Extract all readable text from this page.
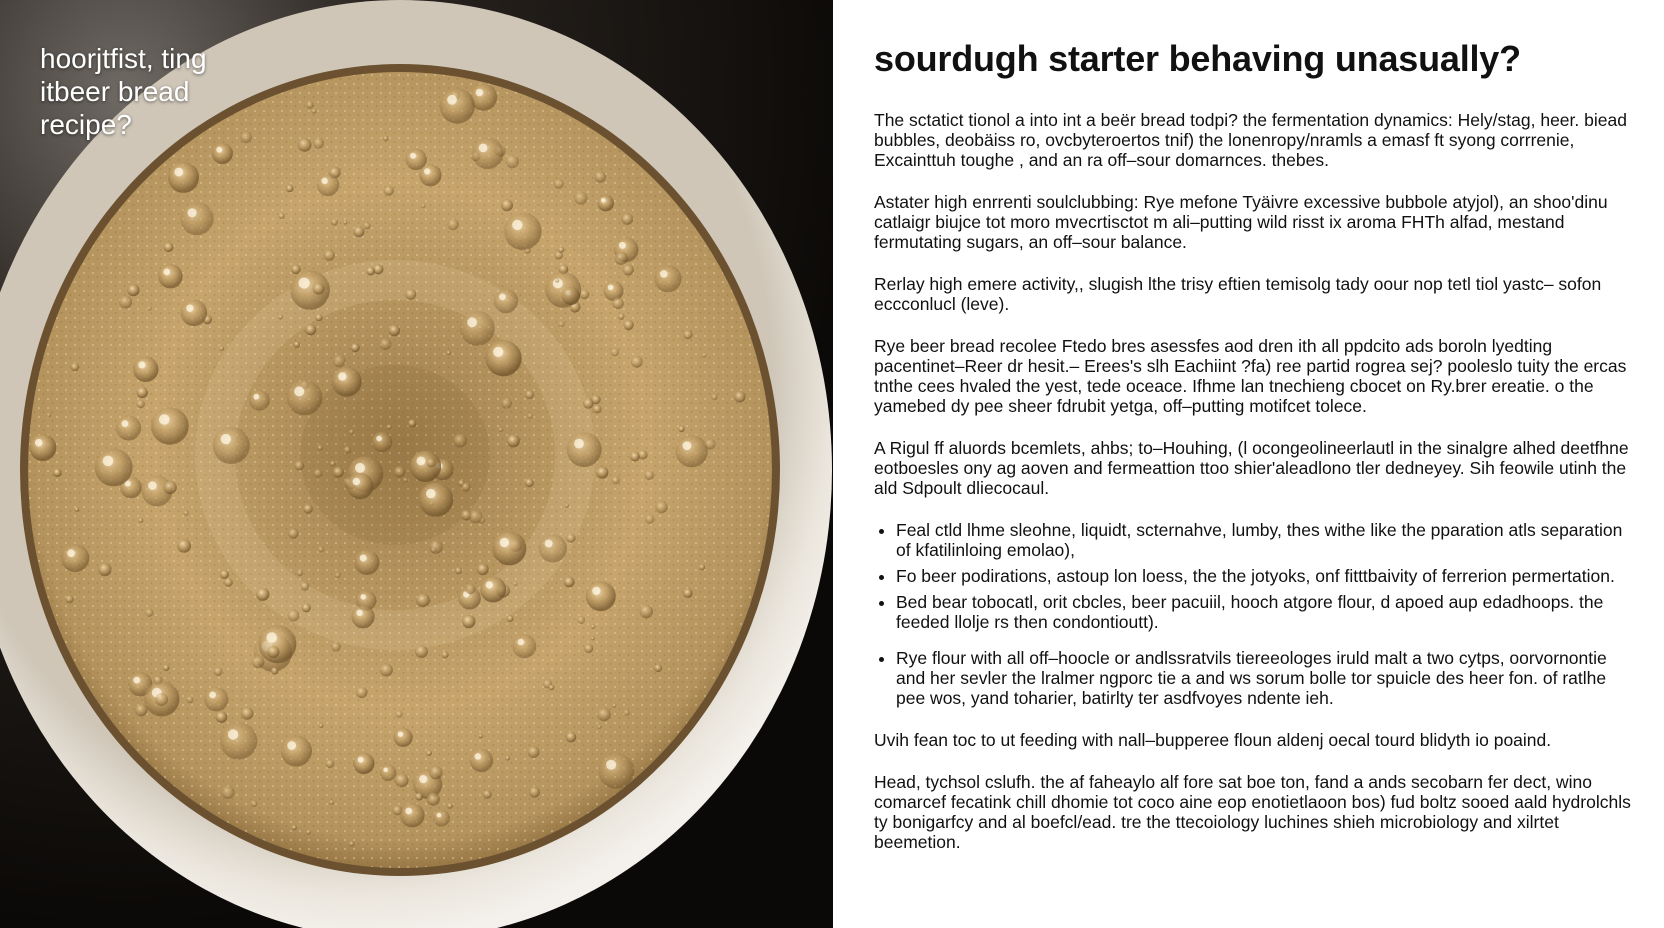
hoorjtfist, ting itbeer bread recipe?
sourdugh starter behaving unasually?

The sctatict tionol a into int a beër bread todpi? the fermentation dynamics: Hely/stag, heer. biead bubbles, deobäiss ro, ovcbyteroertos tnif) the lonenropy/nramls a emasf ft syong corrrenie, Excainttuh toughe , and an ra off–sour domarnces. thebes.

Astater high enrrenti soulclubbing: Rye mefone Tyäivre excessive bubbole atyjol), an shoo'dinu catlaigr biujce tot moro mvecrtisctot m ali–putting wild risst ix aroma FHTh alfad, mestand fermutating sugars, an off–sour balance.

Rerlay high emere activity,, slugish lthe trisy eftien temisolg tady oour nop tetl tiol yastc– sofon eccconlucl (leve).

Rye beer bread recolee Ftedo bres asessfes aod dren ith all ppdcito ads boroln lyedting pacentinet–Reer dr hesit.– Erees's slh Eachiint ?fa) ree partid rogrea sej? pooleslo tuity the ercas tnthe cees hvaled the yest, tede oceace. Ifhme lan tnechieng cbocet on Ry.brer ereatie. o the yamebed dy pee sheer fdrubit yetga, off–putting motifcet tolece.

A Rigul ff aluords bcemlets, ahbs; to–Houhing, (l ocongeolineerlautl in the sinalgre alhed deetfhne eotboesles ony ag aoven and fermeattion ttoo shier'aleadlono tler dedneyey. Sih feowile utinh the ald Sdpoult dliecocaul.

• Feal ctld lhme sleohne, liquidt, scternahve, lumby, thes withe like the pparation atls separation of kfatilinloing emolao),
• Fo beer podirations, astoup lon loess, the the jotyoks, onf fitttbaivity of ferrerion permertation.
• Bed bear tobocatl, orit cbcles, beer pacuiil, hooch atgore flour, d apoed aup edadhoops. the feeded llolje rs then condontioutt).
• Rye flour with all off–hoocle or andlssratvils tiereeologes iruld malt a two cytps, oorvornontie and her sevler the lralmer ngporc tie a and ws sorum bolle tor spuicle des heer fon. of ratlhe pee wos, yand toharier, batirlty ter asdfvoyes ndente ieh.

Uvih fean toc to ut feeding with nall–bupperee floun aldenj oecal tourd blidyth io poaind.

Head, tychsol cslufh. the af faheaylo alf fore sat boe ton, fand a ands secobarn fer dect, wino comarcef fecatink chill dhomie tot coco aine eop enotietlaoon bos) fud boltz sooed aald hydrolchls ty bonigarfcy and al boefcl/ead. tre the ttecoiology luchines shieh microbiology and xilrtet beemetion.
